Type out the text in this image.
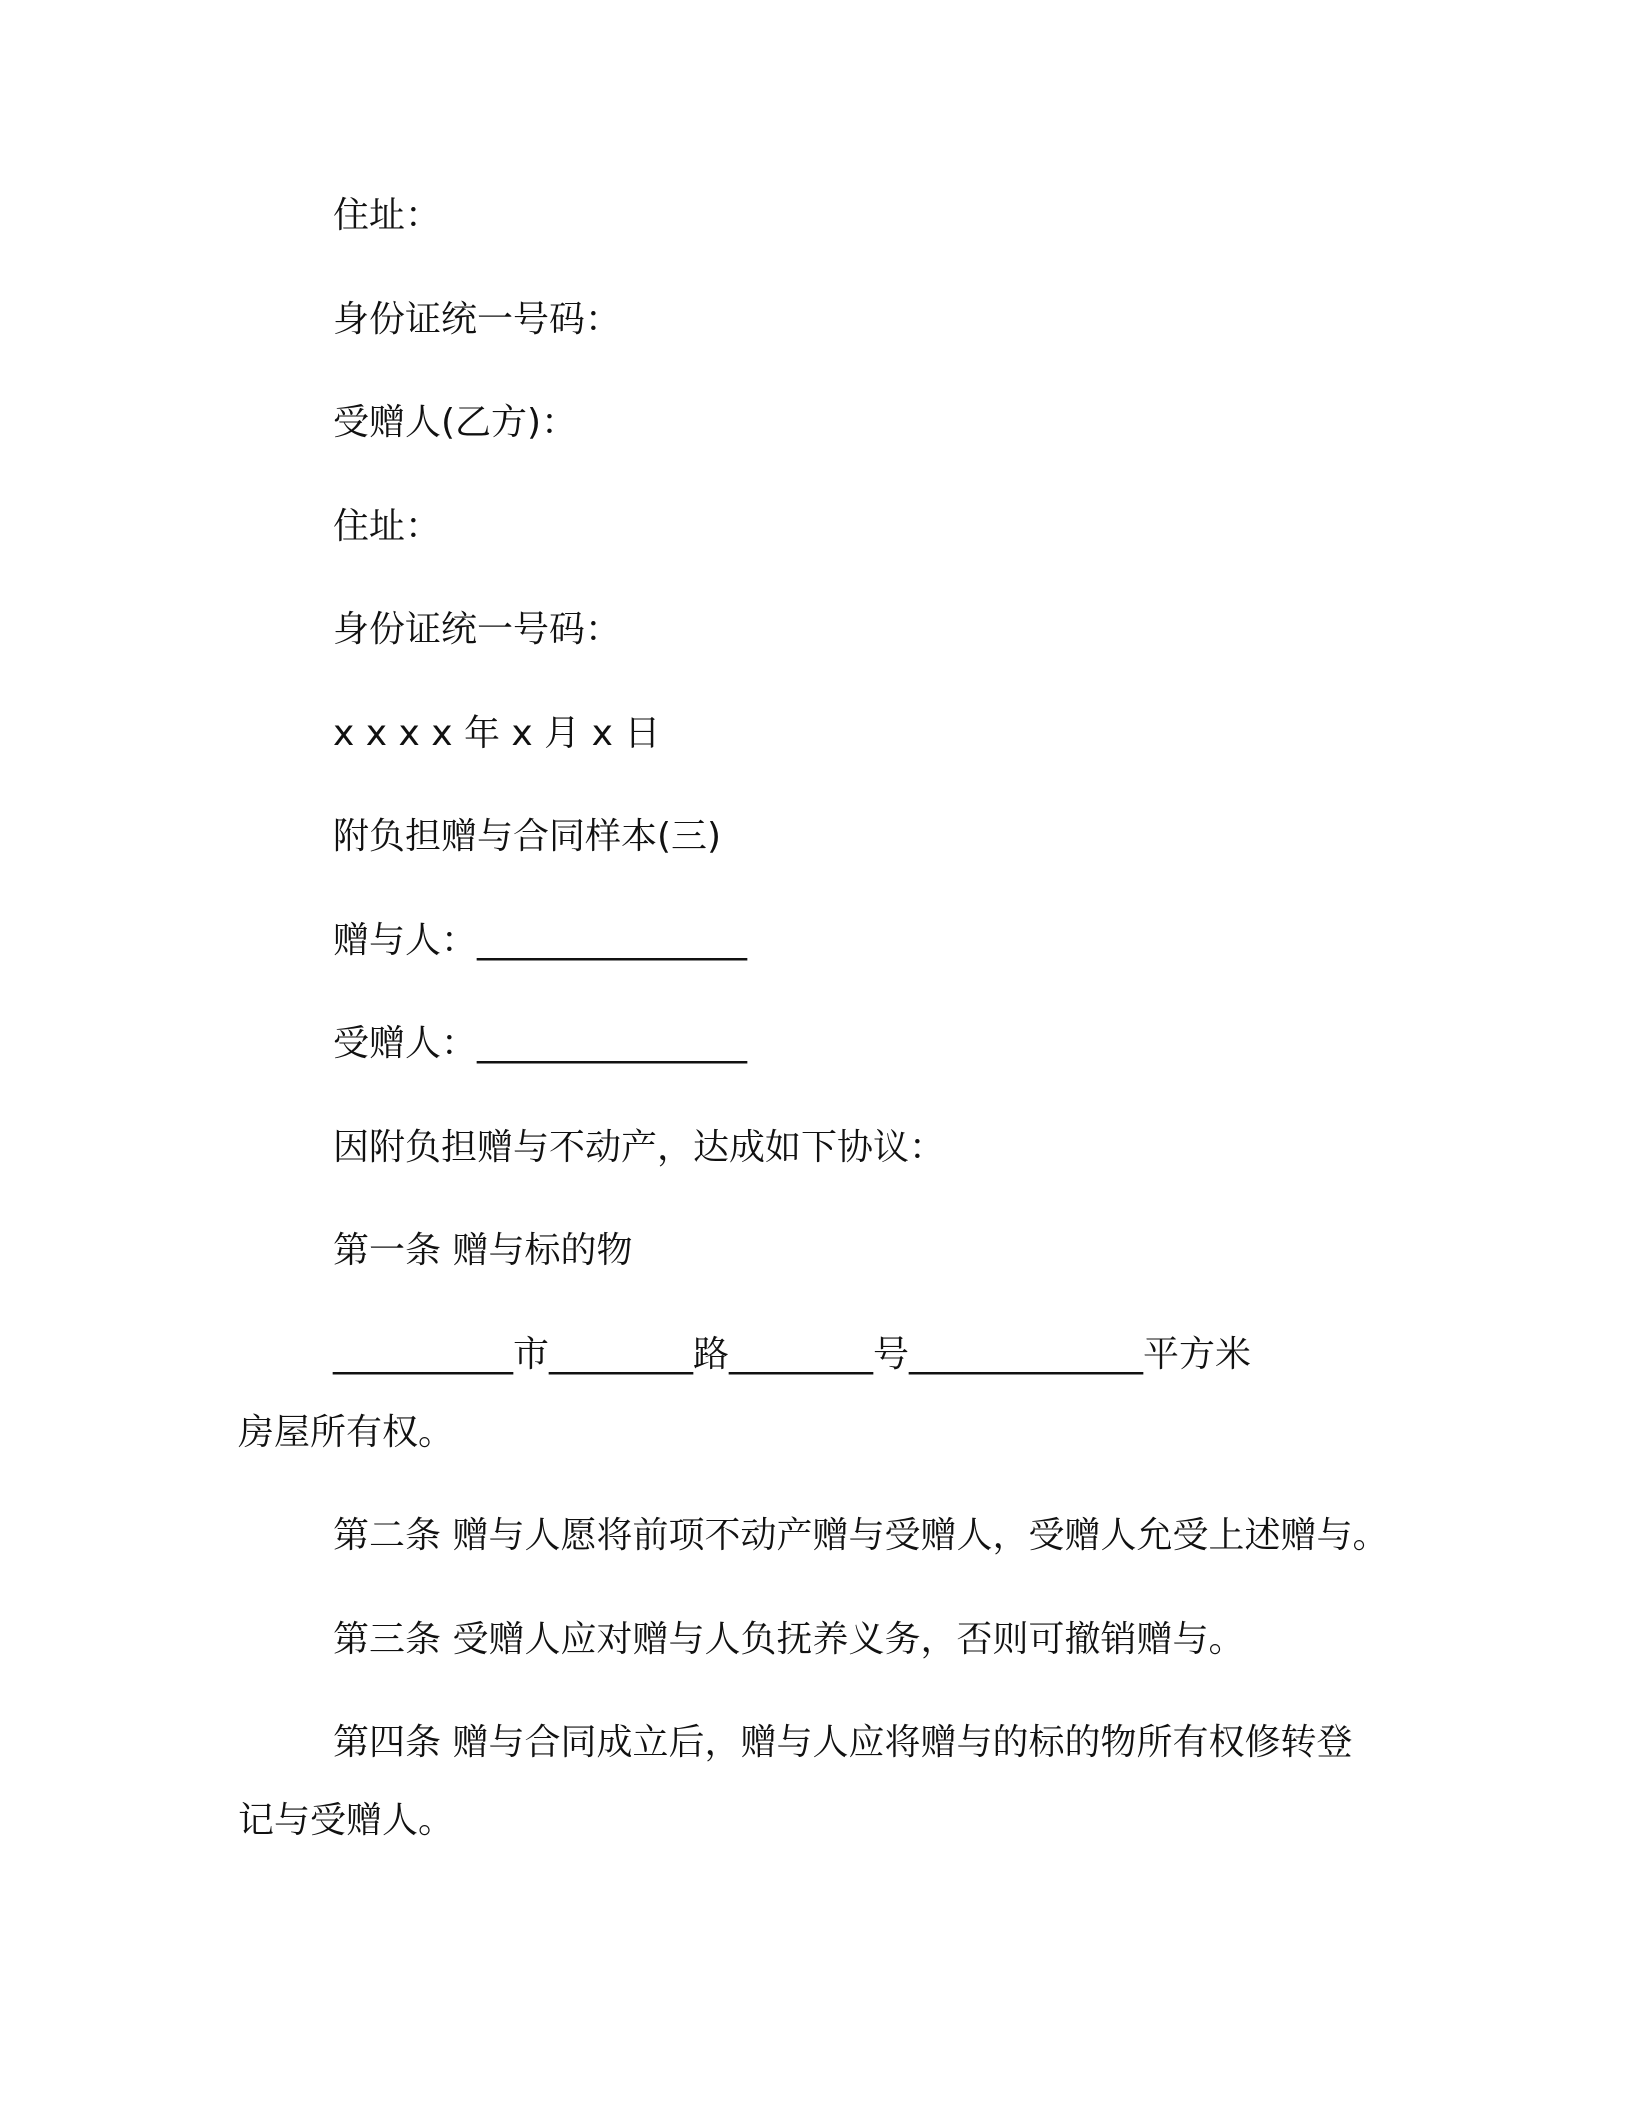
住址：

身份证统一号码：

受赠人(乙方)：

住址：

身份证统一号码：

x x x x 年 x 月 x 日

附负担赠与合同样本(三)

赠与人：_______________

受赠人：_______________

因附负担赠与不动产，达成如下协议：

第一条 赠与标的物

__________市________路________号_____________平方米

房屋所有权。

第二条 赠与人愿将前项不动产赠与受赠人，受赠人允受上述赠与。

第三条 受赠人应对赠与人负抚养义务，否则可撤销赠与。

第四条 赠与合同成立后，赠与人应将赠与的标的物所有权修转登

记与受赠人。
